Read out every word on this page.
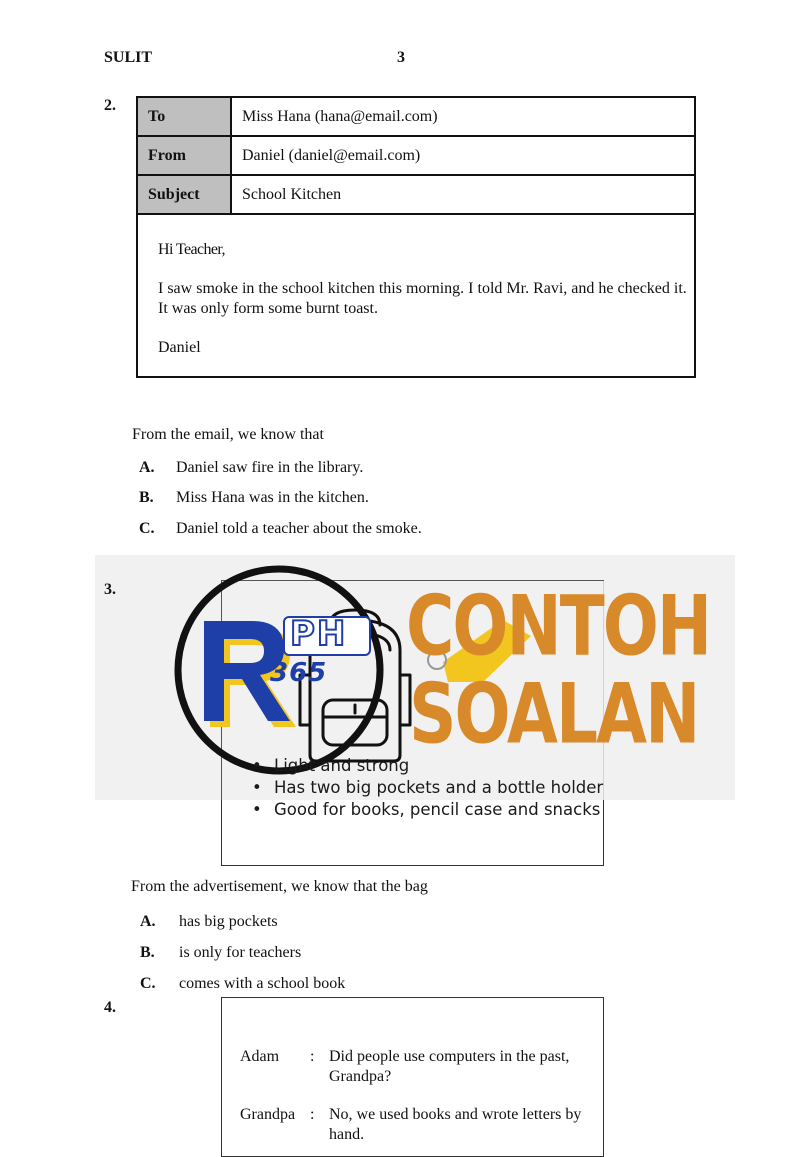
SULIT	3
2.
To	Miss Hana (hana@email.com)
From	Daniel (daniel@email.com)
Subject	School Kitchen
Hi Teacher,
I saw smoke in the school kitchen this morning. I told Mr. Ravi, and he checked it.
It was only form some burnt toast.
Daniel
From the email, we know that
A. Daniel saw fire in the library.
B. Miss Hana was in the kitchen.
C. Daniel told a teacher about the smoke.
3.
PH
365 CONTOH
SOALAN
• Light and strong
• Has two big pockets and a bottle holder
• Good for books, pencil case and snacks
From the advertisement, we know that the bag
A. has big pockets
B. is only for teachers
C. comes with a school book
4.
Adam : Did people use computers in the past,
Grandpa?
Grandpa : No, we used books and wrote letters by
hand.
